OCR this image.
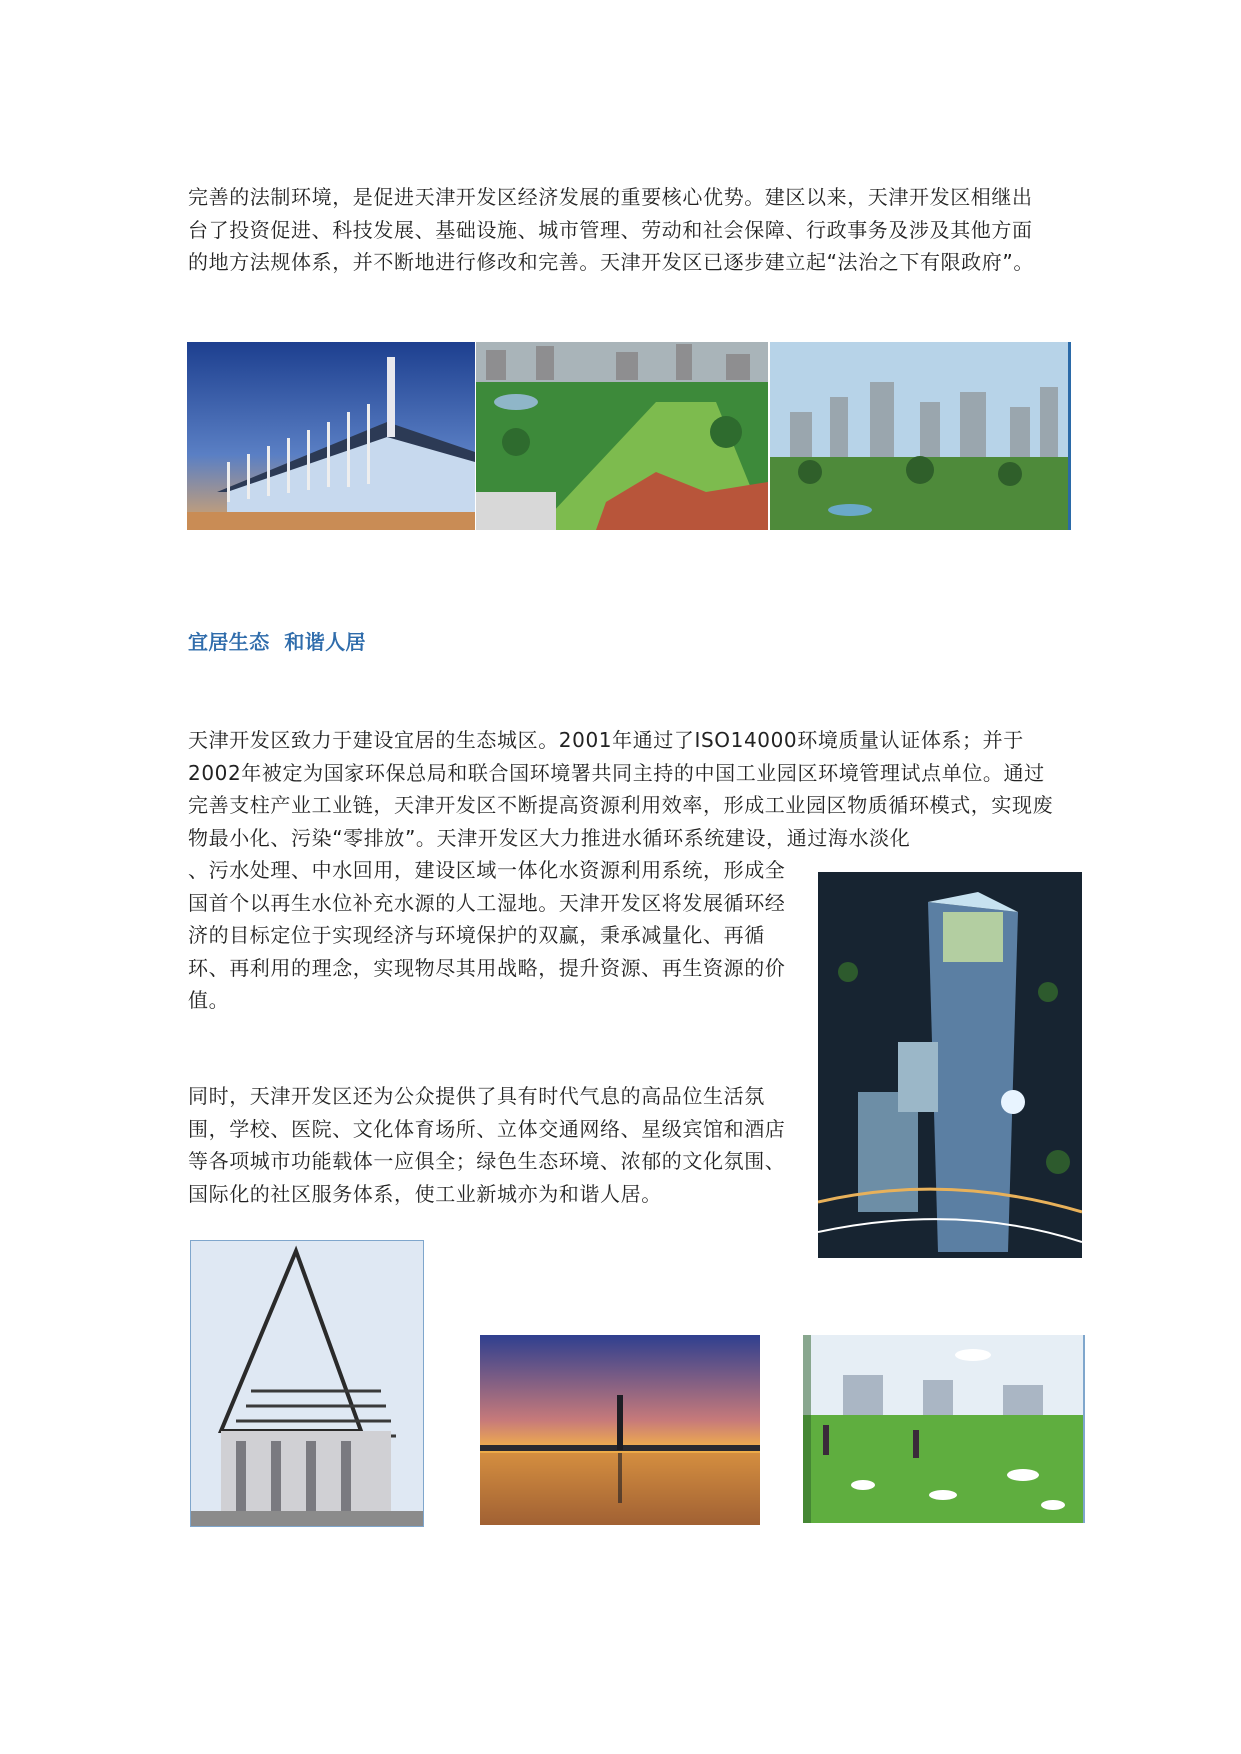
完善的法制环境，是促进天津开发区经济发展的重要核心优势。建区以来，天津开发区相继出台了投资促进、科技发展、基础设施、城市管理、劳动和社会保障、行政事务及涉及其他方面的地方法规体系，并不断地进行修改和完善。天津开发区已逐步建立起“法治之下有限政府”。
宜居生态  和谐人居
天津开发区致力于建设宜居的生态城区。2001年通过了ISO14000环境质量认证体系；并于2002年被定为国家环保总局和联合国环境署共同主持的中国工业园区环境管理试点单位。通过完善支柱产业工业链，天津开发区不断提高资源利用效率，形成工业园区物质循环模式，实现废物最小化、污染“零排放”。天津开发区大力推进水循环系统建设，通过海水淡化
、污水处理、中水回用，建设区域一体化水资源利用系统，形成全国首个以再生水位补充水源的人工湿地。天津开发区将发展循环经济的目标定位于实现经济与环境保护的双赢，秉承减量化、再循环、再利用的理念，实现物尽其用战略，提升资源、再生资源的价值。
同时，天津开发区还为公众提供了具有时代气息的高品位生活氛围，学校、医院、文化体育场所、立体交通网络、星级宾馆和酒店等各项城市功能载体一应俱全；绿色生态环境、浓郁的文化氛围、国际化的社区服务体系，使工业新城亦为和谐人居。
